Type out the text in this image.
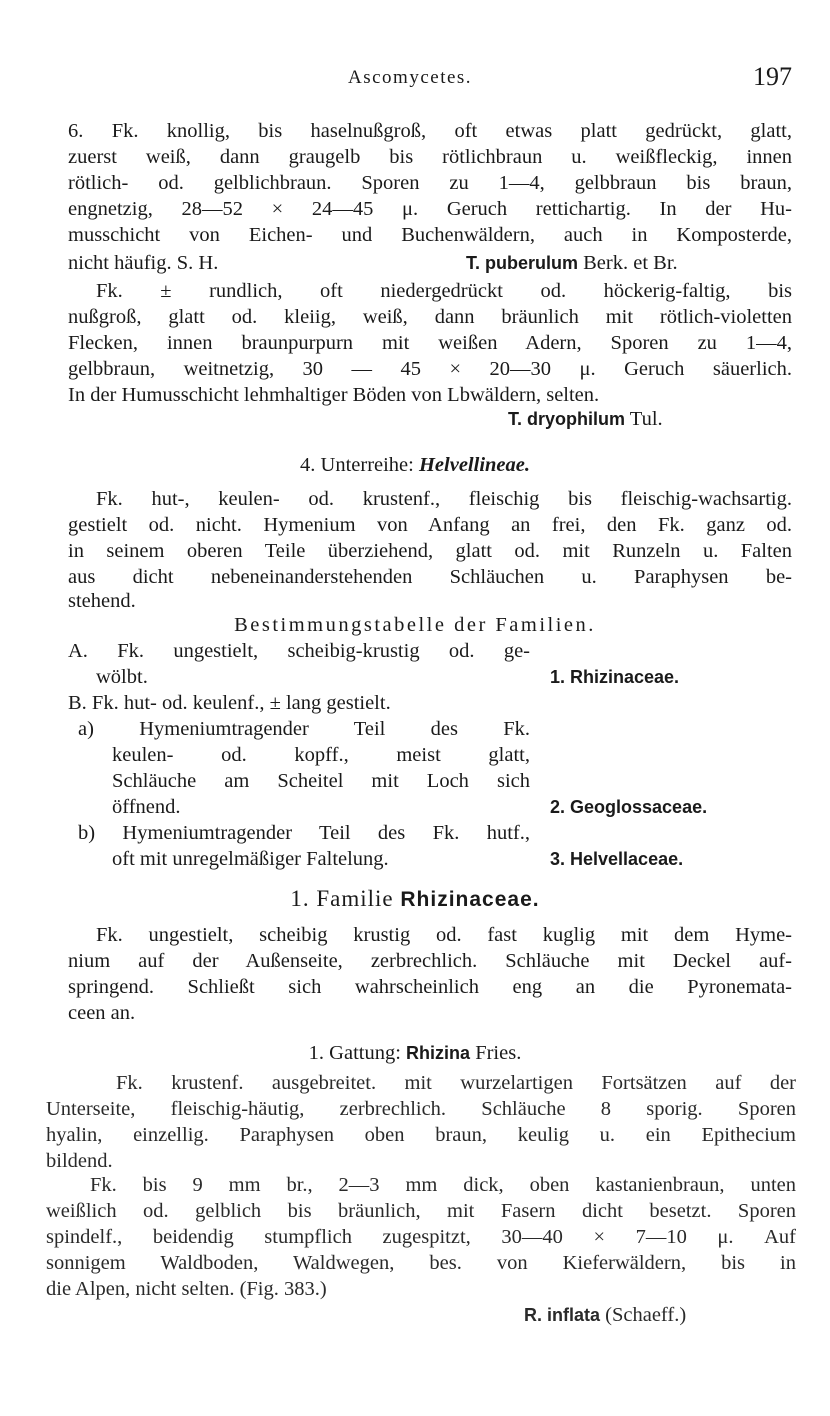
Ascomycetes.	197

6. Fk. knollig, bis haselnußgroß, oft etwas platt gedrückt, glatt,

zuerst weiß, dann graugelb bis rötlichbraun u. weißfleckig, innen

rötlich- od. gelblichbraun. Sporen zu 1—4, gelbbraun bis braun,

engnetzig, 28—52 × 24—45 μ. Geruch rettichartig. In der Hu-

musschicht von Eichen- und Buchenwäldern, auch in Komposterde,

nicht häufig. S. H.	T. puberulum Berk. et Br.

Fk. ± rundlich, oft niedergedrückt od. höckerig-faltig, bis

nußgroß, glatt od. kleiig, weiß, dann bräunlich mit rötlich-violetten

Flecken, innen braunpurpurn mit weißen Adern, Sporen zu 1—4,

gelbbraun, weitnetzig, 30 — 45 × 20—30 μ. Geruch säuerlich.

In der Humusschicht lehmhaltiger Böden von Lbwäldern, selten.

T. dryophilum Tul.

4. Unterreihe: Helvellineae.

Fk. hut-, keulen- od. krustenf., fleischig bis fleischig-wachsartig.

gestielt od. nicht. Hymenium von Anfang an frei, den Fk. ganz od.

in seinem oberen Teile überziehend, glatt od. mit Runzeln u. Falten

aus dicht nebeneinanderstehenden Schläuchen u. Paraphysen be-

stehend.

Bestimmungstabelle der Familien.

A. Fk. ungestielt, scheibig-krustig od. ge-

wölbt.	1. Rhizinaceae.

B. Fk. hut- od. keulenf., ± lang gestielt.

a) Hymeniumtragender Teil des Fk.

keulen- od. kopff., meist glatt,

Schläuche am Scheitel mit Loch sich

öffnend.	2. Geoglossaceae.

b) Hymeniumtragender Teil des Fk. hutf.,

oft mit unregelmäßiger Faltelung.	3. Helvellaceae.

1. Familie Rhizinaceae.

Fk. ungestielt, scheibig krustig od. fast kuglig mit dem Hyme-

nium auf der Außenseite, zerbrechlich. Schläuche mit Deckel auf-

springend. Schließt sich wahrscheinlich eng an die Pyronemata-

ceen an.

1. Gattung: Rhizina Fries.

Fk. krustenf. ausgebreitet. mit wurzelartigen Fortsätzen auf der

Unterseite, fleischig-häutig, zerbrechlich. Schläuche 8 sporig. Sporen

hyalin, einzellig. Paraphysen oben braun, keulig u. ein Epithecium

bildend.

Fk. bis 9 mm br., 2—3 mm dick, oben kastanienbraun, unten

weißlich od. gelblich bis bräunlich, mit Fasern dicht besetzt. Sporen

spindelf., beidendig stumpflich zugespitzt, 30—40 × 7—10 μ. Auf

sonnigem Waldboden, Waldwegen, bes. von Kieferwäldern, bis in

die Alpen, nicht selten. (Fig. 383.)

R. inflata (Schaeff.)
